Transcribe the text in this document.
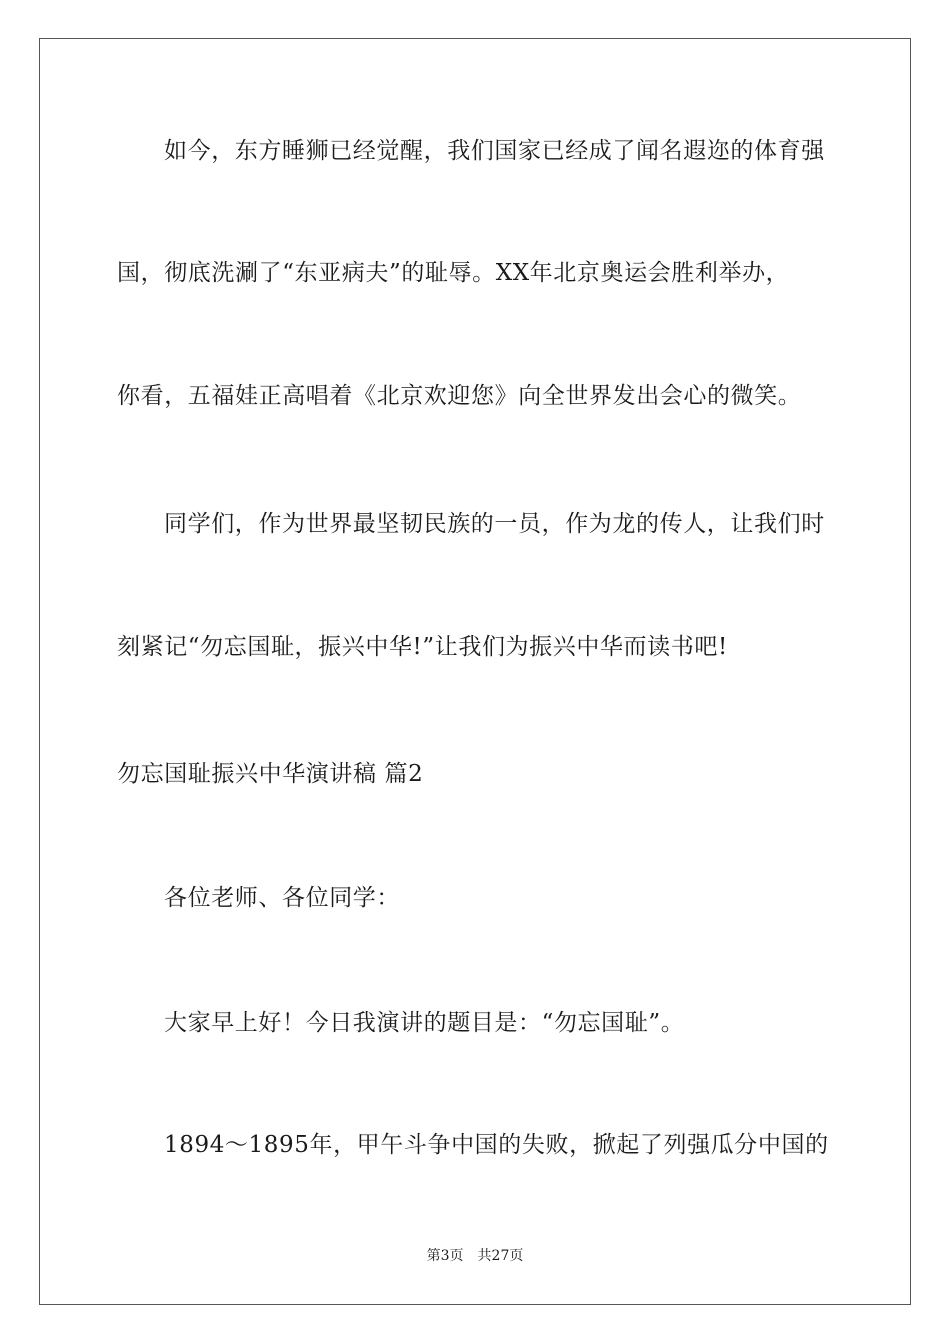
如今，东方睡狮已经觉醒，我们国家已经成了闻名遐迩的体育强
国，彻底洗涮了“东亚病夫”的耻辱。XX年北京奥运会胜利举办，
你看，五福娃正高唱着《北京欢迎您》向全世界发出会心的微笑。
同学们，作为世界最坚韧民族的一员，作为龙的传人，让我们时
刻紧记“勿忘国耻，振兴中华!”让我们为振兴中华而读书吧!
勿忘国耻振兴中华演讲稿 篇2
各位老师、各位同学：
大家早上好！今日我演讲的题目是：“勿忘国耻”。
1894～1895年，甲午斗争中国的失败，掀起了列强瓜分中国的
第3页 共27页
